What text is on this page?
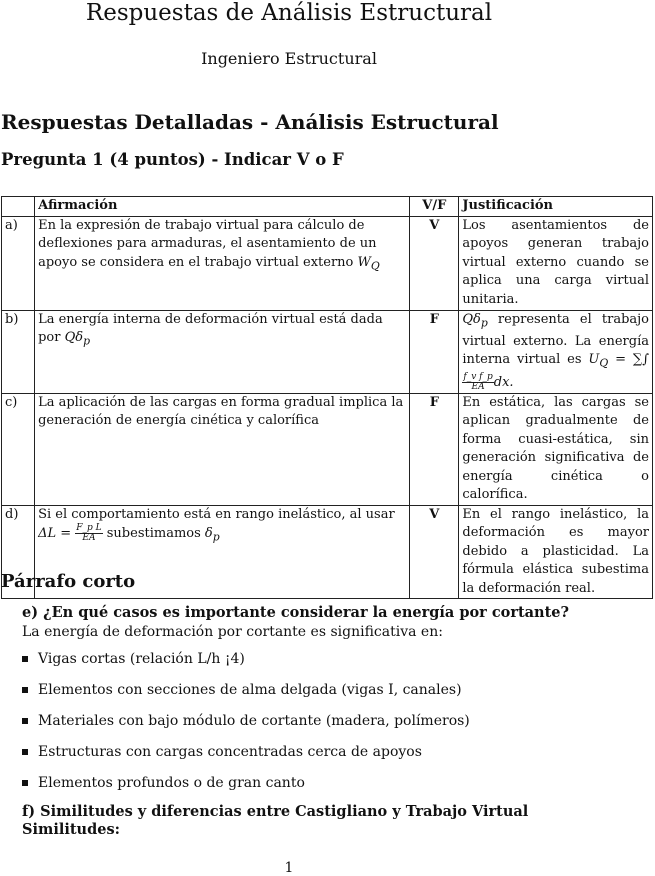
Respuestas de Análisis Estructural
Ingeniero Estructural
Respuestas Detalladas - Análisis Estructural
Pregunta 1 (4 puntos) - Indicar V o F
	Afirmación	V/F	Justificación
a)	En la expresión de trabajo virtual para cálculo de deflexiones para armaduras, el asentamiento de un apoyo se considera en el trabajo virtual externo $W_Q$	V	Los asentamientos de apoyos generan trabajo virtual externo cuando se aplica una carga virtual unitaria.
b)	La energía interna de deformación virtual está dada por $Q\delta_p$	F	$Q\delta_p$ representa el trabajo virtual externo. La energía interna virtual es $U_Q$ = ∑∫
$\frac{\text{f\_v f\_p}}{EA}$ dx.
c)	La aplicación de las cargas en forma gradual implica la generación de energía cinética y calorífica	F	En estática, las cargas se aplican gradualmente de forma cuasi-estática, sin generación significativa de energía cinética o calorífica.
d)	Si el comportamiento está en rango inelástico, al usar
$\Delta L = \frac{\text{F\_p L}}{EA}$ subestimamos $\delta_p$	V	En el rango inelástico, la deformación es mayor debido a plasticidad. La fórmula elástica subestima la deformación real.
Párrafo corto
e) ¿En qué casos es importante considerar la energía por cortante?
La energía de deformación por cortante es significativa en:
Vigas cortas (relación L/h ¡4)
Elementos con secciones de alma delgada (vigas I, canales)
Materiales con bajo módulo de cortante (madera, polímeros)
Estructuras con cargas concentradas cerca de apoyos
Elementos profundos o de gran canto
f) Similitudes y diferencias entre Castigliano y Trabajo Virtual
Similitudes:
1
